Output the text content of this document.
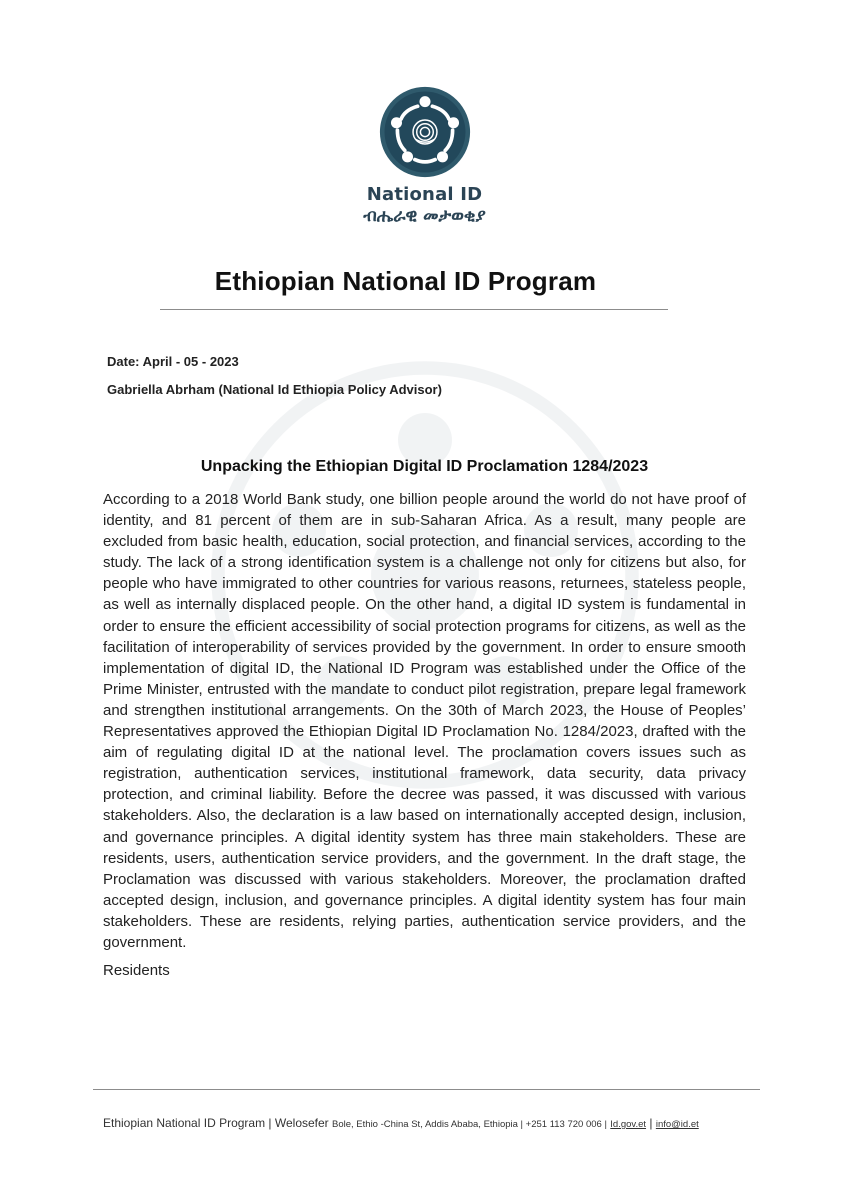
National ID
ብሔራዊ መታወቂያ
Ethiopian National ID Program
Date: April - 05 - 2023
Gabriella Abrham (National Id Ethiopia Policy Advisor)
Unpacking the Ethiopian Digital ID Proclamation 1284/2023

According to a 2018 World Bank study, one billion people around the world do not have proof of identity, and 81 percent of them are in sub-Saharan Africa. As a result, many people are excluded from basic health, education, social protection, and financial services, according to the study. The lack of a strong identification system is a challenge not only for citizens but also, for people who have immigrated to other countries for various reasons, returnees, stateless people, as well as internally displaced people. On the other hand, a digital ID system is fundamental in order to ensure the efficient accessibility of social protection programs for citizens, as well as the facilitation of interoperability of services provided by the government. In order to ensure smooth implementation of digital ID, the National ID Program was established under the Office of the Prime Minister, entrusted with the mandate to conduct pilot registration, prepare legal framework and strengthen institutional arrangements. On the 30th of March 2023, the House of Peoples’ Representatives approved the Ethiopian Digital ID Proclamation No. 1284/2023, drafted with the aim of regulating digital ID at the national level. The proclamation covers issues such as registration, authentication services, institutional framework, data security, data privacy protection, and criminal liability. Before the decree was passed, it was discussed with various stakeholders. Also, the declaration is a law based on internationally accepted design, inclusion, and governance principles. A digital identity system has three main stakeholders. These are residents, users, authentication service providers, and the government. In the draft stage, the Proclamation was discussed with various stakeholders. Moreover, the proclamation drafted accepted design, inclusion, and governance principles. A digital identity system has four main stakeholders. These are residents, relying parties, authentication service providers, and the government.

Residents
Ethiopian National ID Program | Welosefer Bole, Ethio -China St, Addis Ababa, Ethiopia | +251 113 720 006 | Id.gov.et | info@id.et
